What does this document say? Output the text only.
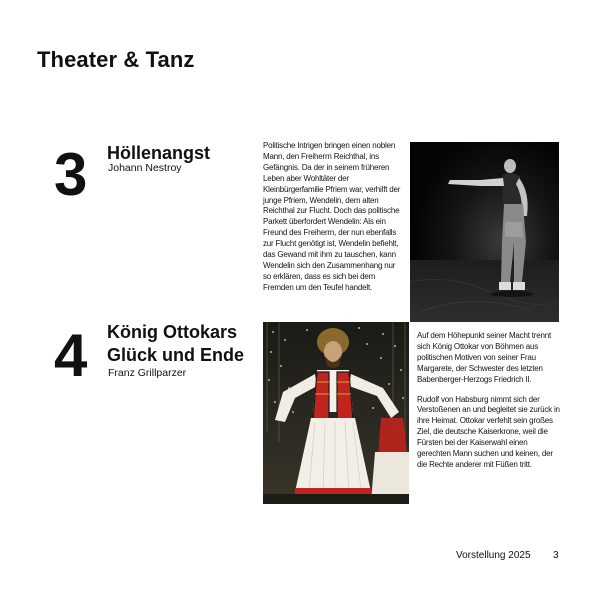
Theater & Tanz
3 Höllenangst
Johann Nestroy

Politische Intrigen bringen einen noblen Mann, den Freiherrn Reichthal, ins Gefängnis. Da der in seinem früheren Leben aber Wohltäter der Kleinbürgerfamilie Pfriem war, verhilft der junge Pfriem, Wendelin, dem alten Reichthal zur Flucht. Doch das politische Parkett überfordert Wendelin: Als ein Freund des Freiherrn, der nun ebenfalls zur Flucht genötigt ist, Wendelin befiehlt, das Gewand mit ihm zu tauschen, kann Wendelin sich den Zusammenhang nur so erklären, dass es sich bei dem Fremden um den Teufel handelt.

4 König Ottokars
Glück und Ende
Franz Grillparzer

Auf dem Höhepunkt seiner Macht trennt sich König Ottokar von Böhmen aus politischen Motiven von seiner Frau Margarete, der Schwester des letzten Babenberger-Herzogs Friedrich II.

Rudolf von Habsburg nimmt sich der Verstoßenen an und begleitet sie zurück in ihre Heimat. Ottokar verfehlt sein großes Ziel, die deutsche Kaiserkrone, weil die Fürsten bei der Kaiserwahl einen gerechten Mann suchen und keinen, der die Rechte anderer mit Füßen tritt.

Vorstellung 2025 3
